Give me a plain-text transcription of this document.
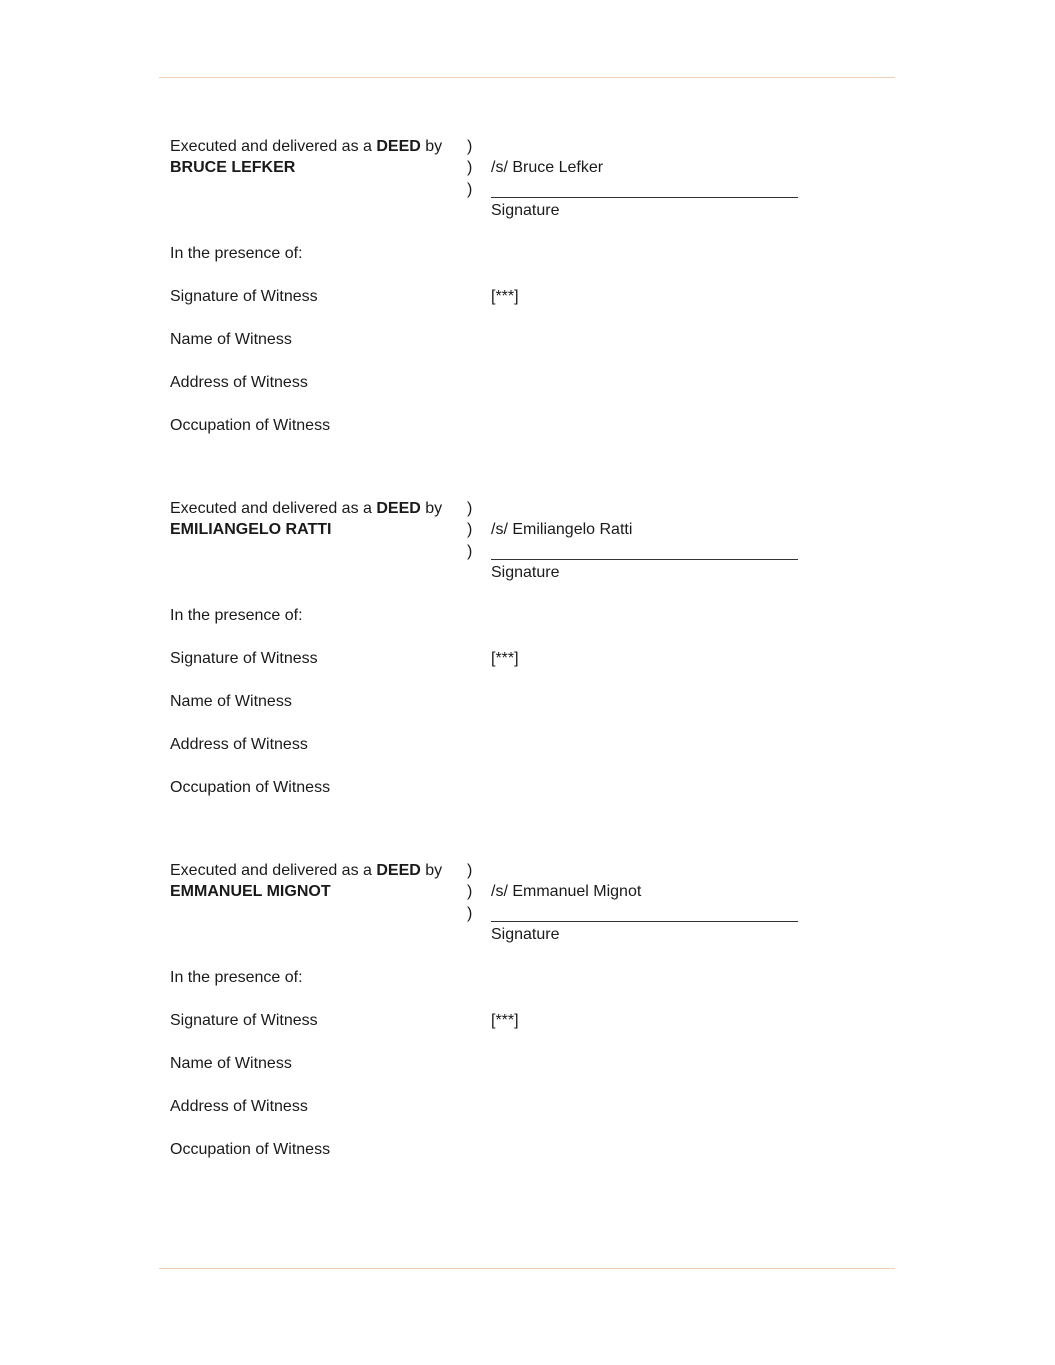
Executed and delivered as a DEED by
BRUCE LEFKER
)
)
)
/s/ Bruce Lefker
Signature
In the presence of:
Signature of Witness	[***]
Name of Witness
Address of Witness
Occupation of Witness
Executed and delivered as a DEED by
EMILIANGELO RATTI
)
)
)
/s/ Emiliangelo Ratti
Signature
In the presence of:
Signature of Witness	[***]
Name of Witness
Address of Witness
Occupation of Witness
Executed and delivered as a DEED by
EMMANUEL MIGNOT
)
)
)
/s/ Emmanuel Mignot
Signature
In the presence of:
Signature of Witness	[***]
Name of Witness
Address of Witness
Occupation of Witness
